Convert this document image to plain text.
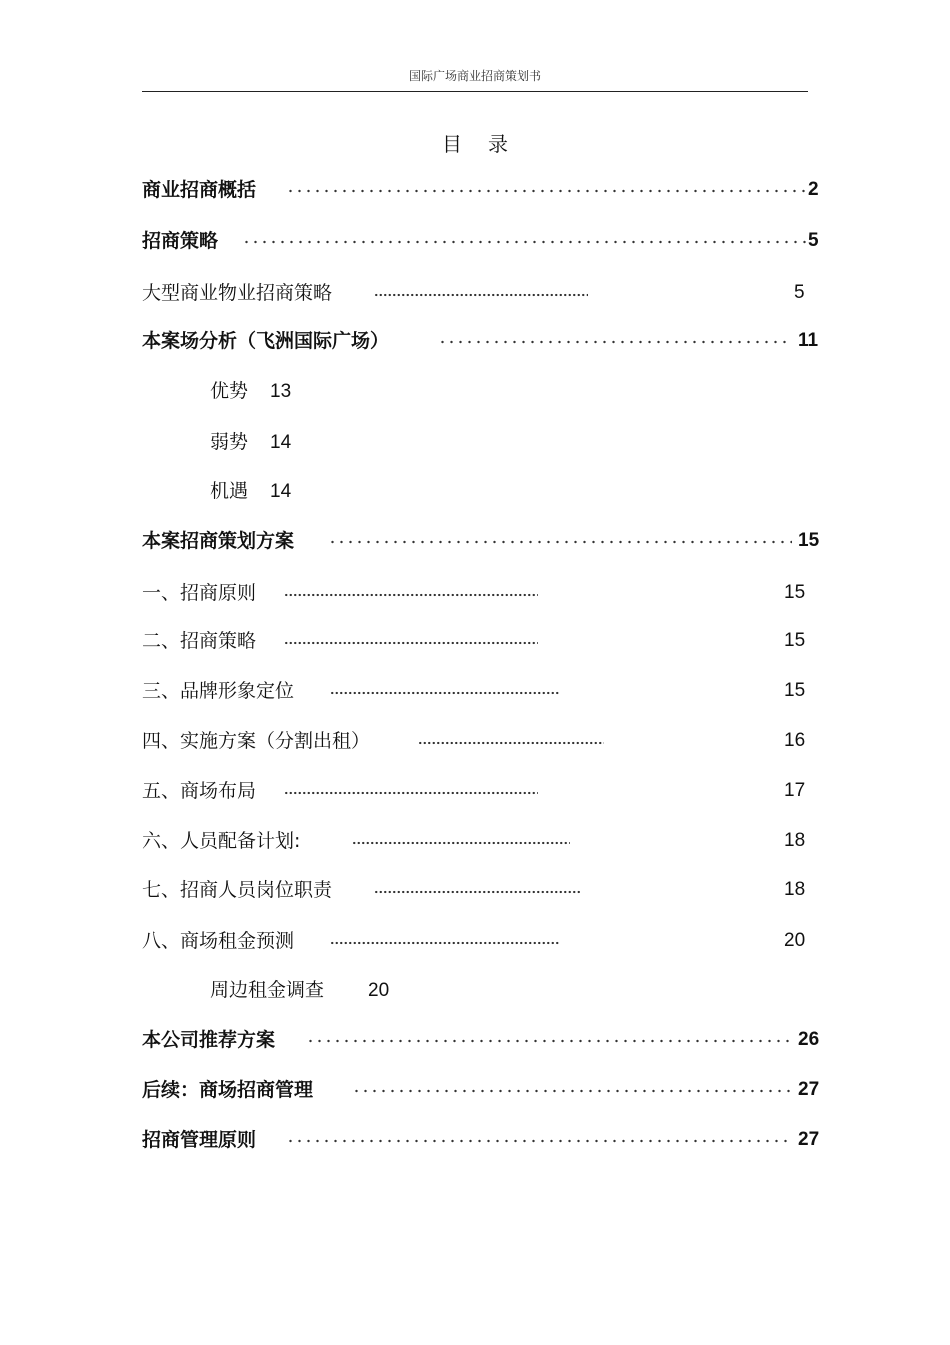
国际广场商业招商策划书
目录
商业招商概括	2
招商策略	5
大型商业物业招商策略	5
本案场分析（飞洲国际广场）	11
优势 13
弱势 14
机遇 14
本案招商策划方案	15
一、招商原则	15
二、招商策略	15
三、品牌形象定位	15
四、实施方案（分割出租）	16
五、商场布局	17
六、人员配备计划:	18
七、招商人员岗位职责	18
八、商场租金预测	20
周边租金调查 20
本公司推荐方案	26
后续：商场招商管理	27
招商管理原则	27
